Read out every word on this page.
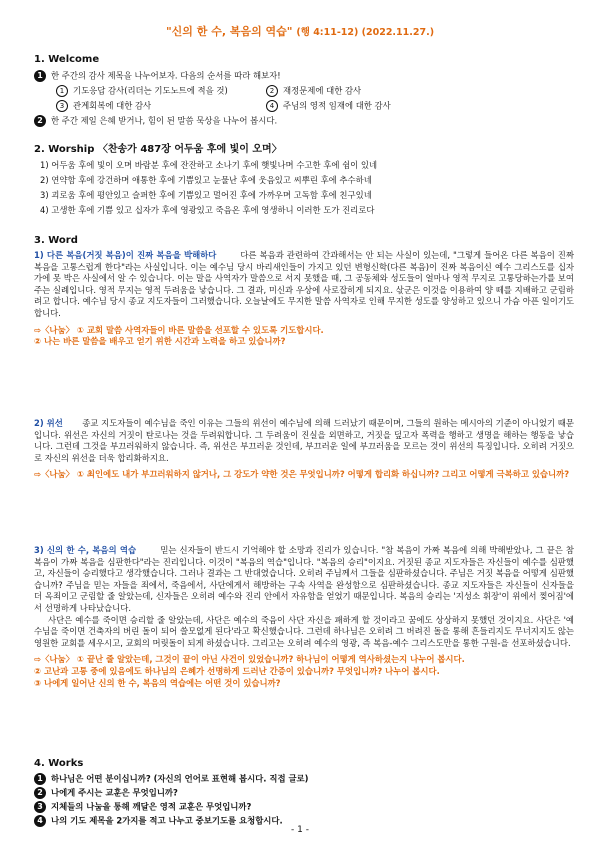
"신의 한 수, 복음의 역습" (행 4:11-12) (2022.11.27.)
1. Welcome
1 한 주간의 감사 제목을 나누어보자. 다음의 순서를 따라 해보자!
1 기도응답 감사(리더는 기도노트에 적을 것)	2 재정문제에 대한 감사
3 관계회복에 대한 감사	4 주님의 영적 임재에 대한 감사
2 한 주간 제일 은혜 받거나, 힘이 된 말씀 묵상을 나누어 봅시다.
2. Worship 〈찬송가 487장 어두움 후에 빛이 오며〉
1) 어두움 후에 빛이 오며 바람분 후에 잔잔하고 소나기 후에 햇빛나며 수고한 후에 쉼이 있네
2) 연약함 후에 강건하며 애통한 후에 기쁨있고 눈물난 후에 웃음있고 씨뿌린 후에 추수하네
3) 괴로움 후에 평안있고 슬퍼한 후에 기쁨있고 멀어진 후에 가까우며 고독함 후에 친구있네
4) 고생한 후에 기쁨 있고 십자가 후에 영광있고 죽음온 후에 영생하니 이러한 도가 진리로다
3. Word

1) 다른 복음(거짓 복음)이 진짜 복음을 박해하다	다른 복음과 관련하여 간과해서는 안 되는 사실이 있는데, "그렇게 들어온 다른 복음이 진짜 복음을 고통스럽게 한다"라는 사실입니다. 이는 예수님 당시 바리새인들이 가지고 있던 변형신학(다른 복음)이 진짜 복음이신 예수 그리스도를 십자가에 못 박은 사실에서 알 수 있습니다. 이는 말을 사역자가 말씀으로 서지 못했을 때, 그 공동체와 성도들이 얼마나 영적 무지로 고통당하는가를 보여주는 실례입니다. 영적 무지는 영적 두려움을 낳습니다. 그 결과, 미신과 우상에 사로잡히게 되지요. 삯군은 이것을 이용하여 양 떼를 지배하고 군림하려고 합니다. 예수님 당시 종교 지도자들이 그러했습니다. 오늘날에도 무지한 말씀 사역자로 인해 무지한 성도를 양성하고 있으니 가슴 아픈 일이기도 합니다.

⇨〈나눔〉 ① 교회 말씀 사역자들이 바른 말씀을 선포할 수 있도록 기도합시다.

② 나는 바른 말씀을 배우고 얻기 위한 시간과 노력을 하고 있습니까?

2) 위선 종교 지도자들이 예수님을 죽인 이유는 그들의 위선이 예수님에 의해 드러났기 때문이며, 그들의 원하는 메시아의 기준이 아니었기 때문입니다. 위선은 자신의 거짓이 탄로나는 것을 두려워합니다. 그 두려움이 진실을 외면하고, 거짓을 덮고자 폭력을 행하고 생명을 해하는 행동을 낳습니다. 그런데 그것을 부끄러워하지 않습니다. 즉, 위선은 부끄러운 것인데, 부끄러운 일에 부끄러움을 모르는 것이 위선의 특징입니다. 오히려 거짓으로 자신의 위선을 더욱 합리화하지요.

⇨〈나눔〉 ① 최인에도 내가 부끄러워하지 않거나, 그 강도가 약한 것은 무엇입니까? 어떻게 합리화 하십니까? 그리고 어떻게 극복하고 있습니까?

3) 신의 한 수, 복음의 역습	믿는 신자들이 반드시 기억해야 할 소망과 진리가 있습니다. "참 복음이 가짜 복음에 의해 박해받았나, 그 끝은 참 복음이 가짜 복음을 심판한다"라는 진리입니다. 이것이 "복음의 역습"입니다. "복음의 승리"이지요. 거짓된 종교 지도자들은 자신들이 예수를 심판했고, 자신들이 승리했다고 생각했습니다. 그러나 결과는 그 반대였습니다. 오히려 주님께서 그들을 심판하셨습니다. 주님은 거짓 복음을 어떻게 심판했습니까? 주님을 믿는 자들을 죄에서, 죽음에서, 사단에게서 해방하는 구속 사역을 완성함으로 심판하셨습니다. 종교 지도자들은 자신들이 신자들을 더 옥죄이고 군림할 줄 알았는데, 신자들은 오히려 예수와 진리 안에서 자유함을 얻었기 때문입니다. 복음의 승리는 '지성소 휘장'이 위에서 찢어짐'에서 선명하게 나타났습니다.

사단은 예수를 죽이면 승리할 줄 알았는데, 사단은 예수의 죽음이 사단 자신을 패하게 할 것이라고 꿈에도 상상하지 못했던 것이지요. 사단은 '예수님을 죽이면 건축자의 버린 돌이 되어 쓸모없게 된다'라고 확신했습니다. 그런데 하나님은 오히려 그 버려진 돌을 통해 흔들리지도 무너지지도 않는 영원한 교회를 세우시고, 교회의 머릿돌이 되게 하셨습니다. 그리고는 오히려 예수의 영광, 즉 복음-예수 그리스도만을 통한 구원-을 선포하셨습니다.

⇨〈나눔〉 ① 끝난 줄 알았는데, 그것이 끝이 아닌 사건이 있었습니까? 하나님이 어떻게 역사하셨는지 나누어 봅시다.

② 고난과 고통 중에 있음에도 하나님의 은혜가 선명하게 드러난 간증이 있습니까? 무엇입니까? 나누어 봅시다.

③ 나에게 일어난 신의 한 수, 복음의 역습에는 어떤 것이 있습니까?

4. Works
1 하나님은 어떤 분이십니까? (자신의 언어로 표현해 봅시다. 직접 글로)
2 나에게 주시는 교훈은 무엇입니까?
3 지체들의 나눔을 통해 깨달은 영적 교훈은 무엇입니까?
4 나의 기도 제목을 2가지를 적고 나누고 중보기도를 요청합시다.
- 1 -
